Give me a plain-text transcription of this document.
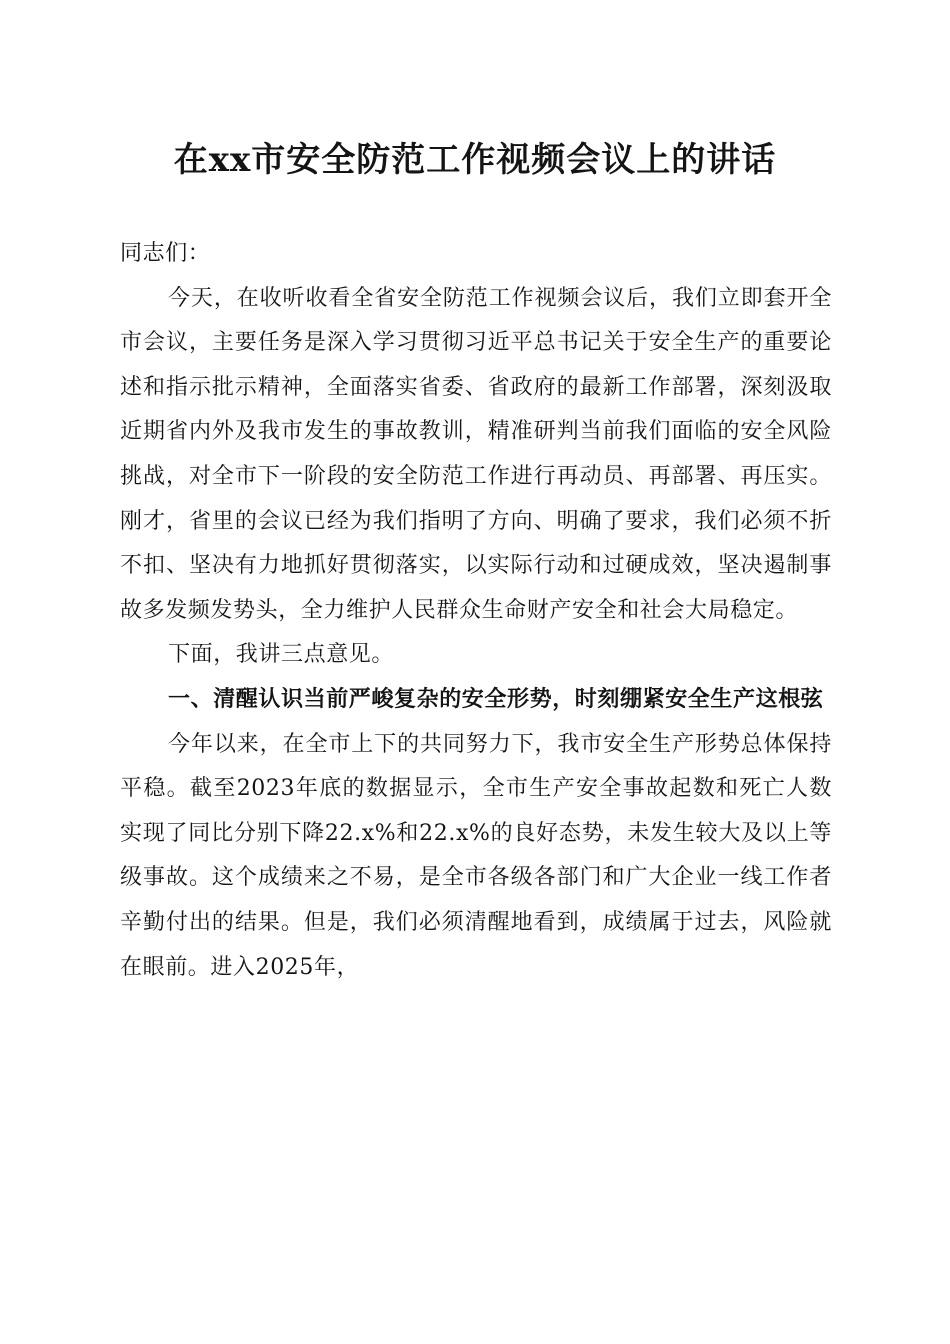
在xx市安全防范工作视频会议上的讲话

同志们：

今天，在收听收看全省安全防范工作视频会议后，我们立即套开全市会议，主要任务是深入学习贯彻习近平总书记关于安全生产的重要论述和指示批示精神，全面落实省委、省政府的最新工作部署，深刻汲取近期省内外及我市发生的事故教训，精准研判当前我们面临的安全风险挑战，对全市下一阶段的安全防范工作进行再动员、再部署、再压实。刚才，省里的会议已经为我们指明了方向、明确了要求，我们必须不折不扣、坚决有力地抓好贯彻落实，以实际行动和过硬成效，坚决遏制事故多发频发势头，全力维护人民群众生命财产安全和社会大局稳定。

下面，我讲三点意见。

一、清醒认识当前严峻复杂的安全形势，时刻绷紧安全生产这根弦

今年以来，在全市上下的共同努力下，我市安全生产形势总体保持平稳。截至2023年底的数据显示，全市生产安全事故起数和死亡人数实现了同比分别下降22.x%和22.x%的良好态势，未发生较大及以上等级事故。这个成绩来之不易，是全市各级各部门和广大企业一线工作者辛勤付出的结果。但是，我们必须清醒地看到，成绩属于过去，风险就在眼前。进入2025年，
